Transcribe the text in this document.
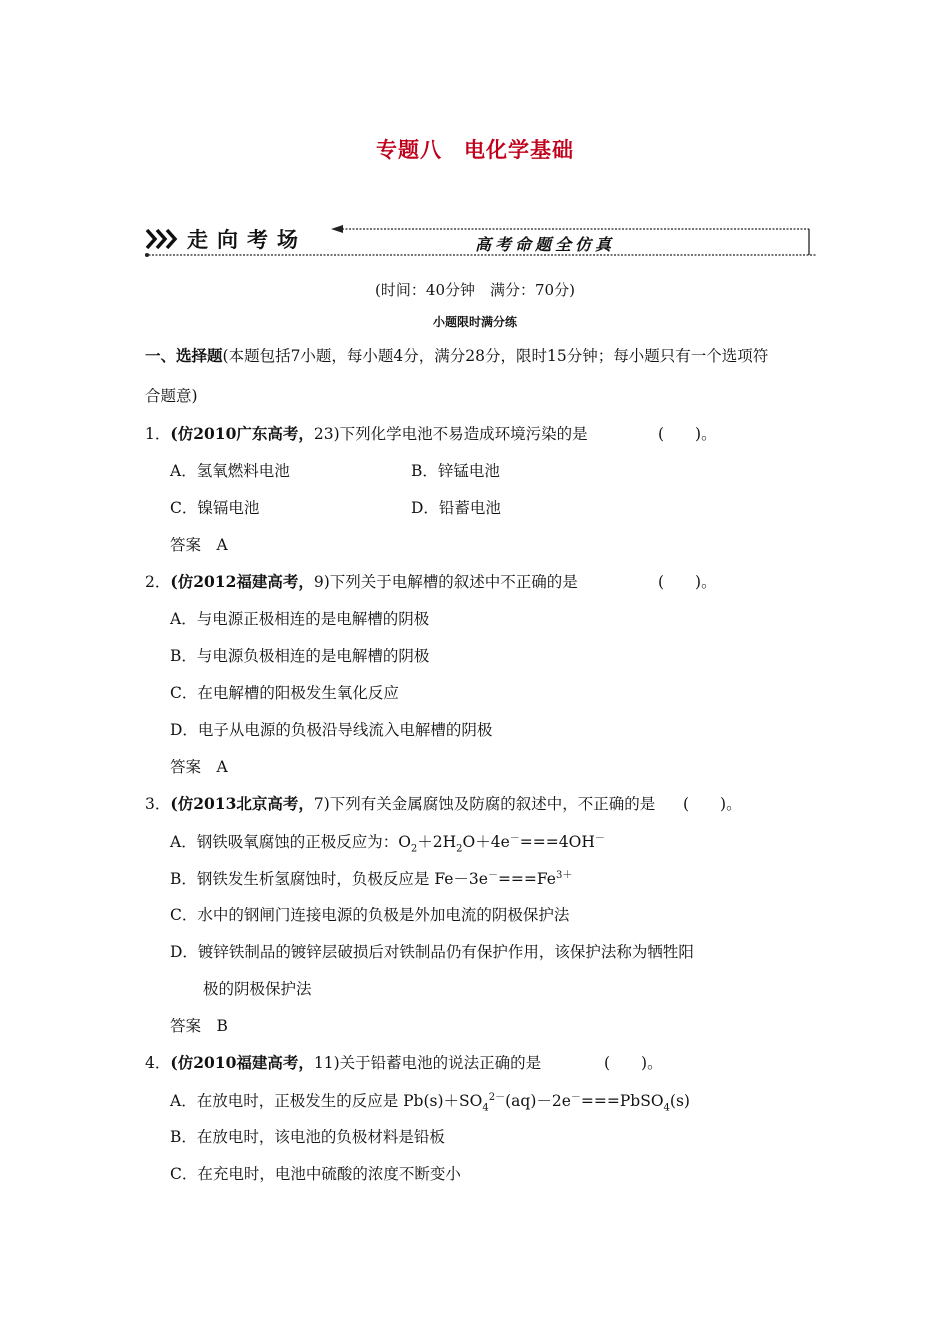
专题八　电化学基础
走向考场	高考命题全仿真
(时间：40分钟　满分：70分)
小题限时满分练
一、选择题(本题包括7小题，每小题4分，满分28分，限时15分钟；每小题只有一个选项符
合题意)
1．(仿2010广东高考，23)下列化学电池不易造成环境污染的是	(　　)。
A．氢氧燃料电池	B．锌锰电池
C．镍镉电池	D．铅蓄电池
答案　A
2．(仿2012福建高考，9)下列关于电解槽的叙述中不正确的是	(　　)。
A．与电源正极相连的是电解槽的阴极
B．与电源负极相连的是电解槽的阴极
C．在电解槽的阳极发生氧化反应
D．电子从电源的负极沿导线流入电解槽的阴极
答案　A
3．(仿2013北京高考，7)下列有关金属腐蚀及防腐的叙述中，不正确的是 (　　)。
A．钢铁吸氧腐蚀的正极反应为：$O_2+2H_2O+4e^-===4OH^-$
B．钢铁发生析氢腐蚀时，负极反应是 $Fe-3e^-===Fe^{3+}$
C．水中的钢闸门连接电源的负极是外加电流的阴极保护法
D．镀锌铁制品的镀锌层破损后对铁制品仍有保护作用，该保护法称为牺牲阳
极的阴极保护法
答案　B
4．(仿2010福建高考，11)关于铅蓄电池的说法正确的是	(　　)。
A．在放电时，正极发生的反应是 $Pb(s)+SO_4^{2-}(aq)-2e^-===PbSO_4(s)$
B．在放电时，该电池的负极材料是铅板
C．在充电时，电池中硫酸的浓度不断变小
